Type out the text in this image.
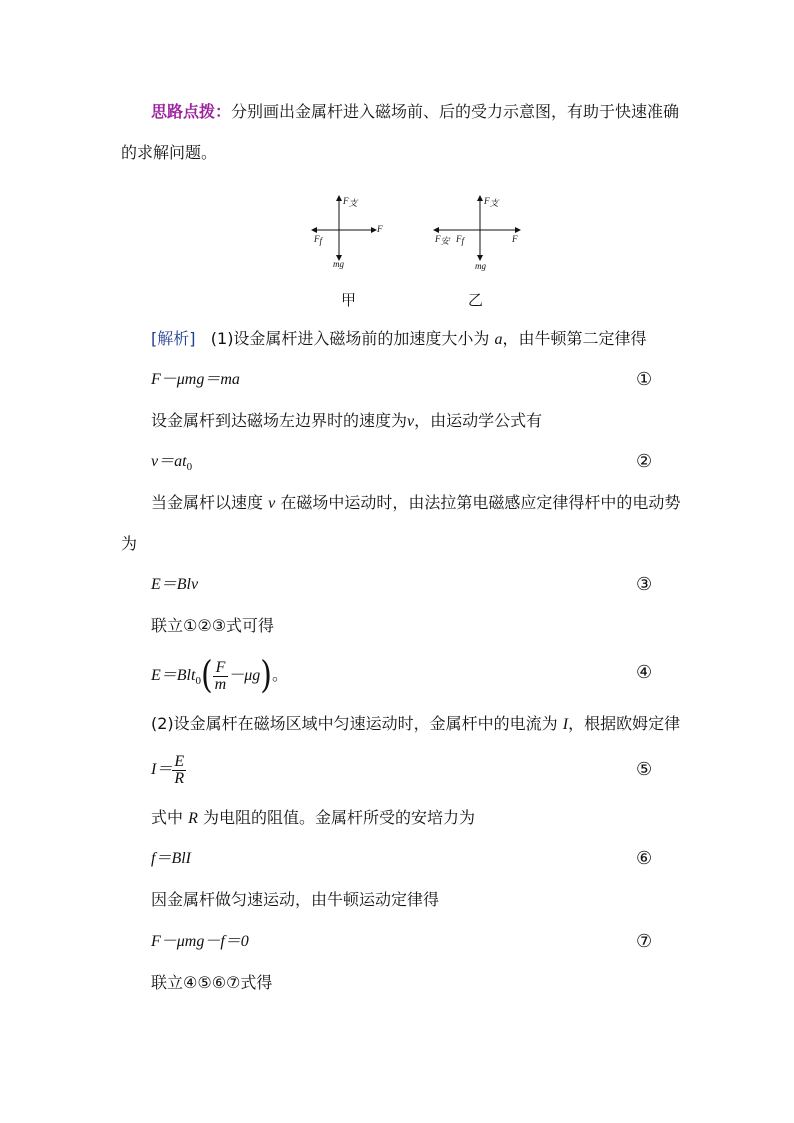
思路点拨：分别画出金属杆进入磁场前、后的受力示意图，有助于快速准确
的求解问题。
F支
Ff
F
mg
甲
F支
F安 Ff	F
mg
乙
[解析] (1)设金属杆进入磁场前的加速度大小为 a，由牛顿第二定律得
F－μmg＝ma	①
设金属杆到达磁场左边界时的速度为v，由运动学公式有
$v=at_0$	②
当金属杆以速度 v 在磁场中运动时，由法拉第电磁感应定律得杆中的电动势
为
E＝Blv	③
联立①②③式可得
$E=Blt_0( \frac{F}{m} -\mu g)$。	④
(2)设金属杆在磁场区域中匀速运动时，金属杆中的电流为 I，根据欧姆定律
$I= \frac{E}{R}$	⑤
式中 R 为电阻的阻值。金属杆所受的安培力为
f＝BlI	⑥
因金属杆做匀速运动，由牛顿运动定律得
F－μmg－f＝0	⑦
联立④⑤⑥⑦式得
